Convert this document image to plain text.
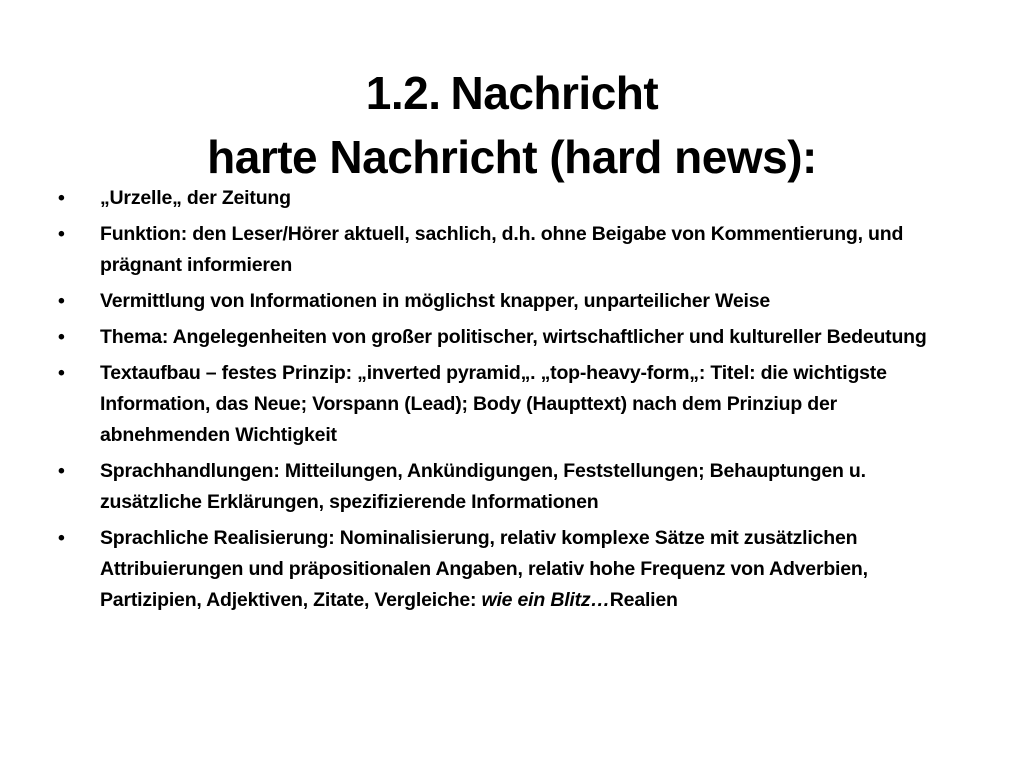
1.2. Nachricht
harte Nachricht (hard news):
•
„Urzelle„ der Zeitung
•
Funktion: den Leser/Hörer aktuell, sachlich, d.h. ohne Beigabe von Kommentierung, und prägnant informieren
•
Vermittlung von Informationen in möglichst knapper, unparteilicher Weise
•
Thema: Angelegenheiten von großer politischer, wirtschaftlicher und kultureller Bedeutung
•
Textaufbau – festes Prinzip: „inverted pyramid„. „top-heavy-form„: Titel: die wichtigste Information, das Neue; Vorspann (Lead); Body (Haupttext) nach dem Prinziup der abnehmenden Wichtigkeit
•
Sprachhandlungen: Mitteilungen, Ankündigungen, Feststellungen; Behauptungen u. zusätzliche Erklärungen, spezifizierende Informationen
•
Sprachliche Realisierung: Nominalisierung, relativ komplexe Sätze mit zusätzlichen Attribuierungen und präpositionalen Angaben, relativ hohe Frequenz von Adverbien, Partizipien, Adjektiven, Zitate, Vergleiche: wie ein Blitz…Realien
